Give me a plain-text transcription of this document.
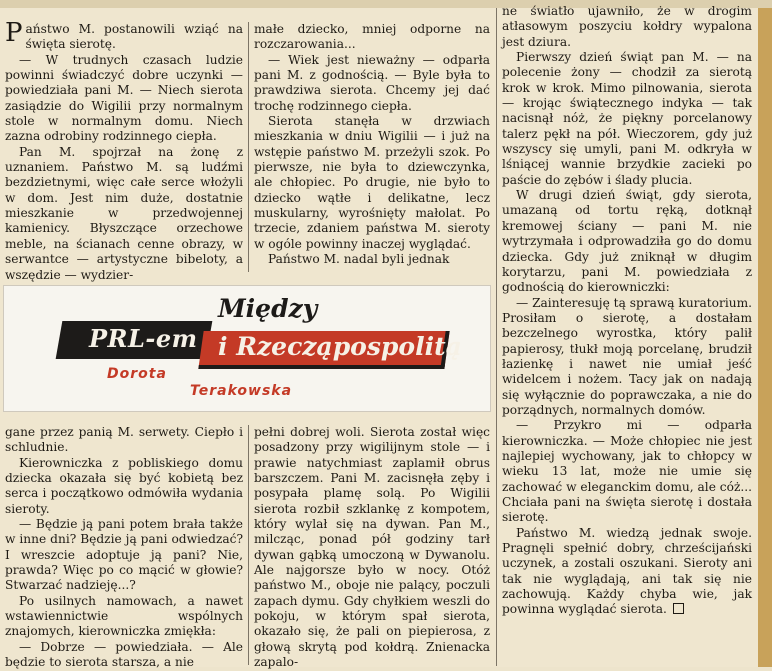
Państwo M. postanowili wziąć na święta sierotę.

— W trudnych czasach ludzie powinni świadczyć dobre uczynki — powiedziała pani M. — Niech sierota zasiądzie do Wigilii przy normalnym stole w normalnym domu. Niech zazna odrobiny rodzinnego ciepła.

Pan M. spojrzał na żonę z uznaniem. Państwo M. są ludźmi bezdzietnymi, więc całe serce włożyli w dom. Jest nim duże, dostatnie mieszkanie w przedwojennej kamienicy. Błyszczące orzechowe meble, na ścianach cenne obrazy, w serwantce — artystyczne bibeloty, a wszędzie — wydzier-

małe dziecko, mniej odporne na rozczarowania...

— Wiek jest nieważny — odparła pani M. z godnością. — Byle była to prawdziwa sierota. Chcemy jej dać trochę rodzinnego ciepła.

Sierota stanęła w drzwiach mieszkania w dniu Wigilii — i już na wstępie państwo M. przeżyli szok. Po pierwsze, nie była to dziewczynka, ale chłopiec. Po drugie, nie było to dziecko wątłe i delikatne, lecz muskularny, wyrośnięty małolat. Po trzecie, zdaniem państwa M. sieroty w ogóle powinny inaczej wyglądać.

Państwo M. nadal byli jednak

ne światło ujawniło, że w drogim atłasowym poszyciu kołdry wypalona jest dziura.

Pierwszy dzień świąt pan M. — na polecenie żony — chodził za sierotą krok w krok. Mimo pilnowania, sierota — krojąc świątecznego indyka — tak nacisnął nóż, że piękny porcelanowy talerz pękł na pół. Wieczorem, gdy już wszyscy się umyli, pani M. odkryła w lśniącej wannie brzydkie zacieki po paście do zębów i ślady plucia.

W drugi dzień świąt, gdy sierota, umazaną od tortu ręką, dotknął kremowej ściany — pani M. nie wytrzymała i odprowadziła go do domu dziecka. Gdy już zniknął w długim korytarzu, pani M. powiedziała z godnością do kierowniczki:

— Zainteresuję tą sprawą kuratorium. Prosiłam o sierotę, a dostałam bezczelnego wyrostka, który palił papierosy, tłukł moją porcelanę, brudził łazienkę i nawet nie umiał jeść widelcem i nożem. Tacy jak on nadają się wyłącznie do poprawczaka, a nie do porządnych, normalnych domów.

— Przykro mi — odparła kierowniczka. — Może chłopiec nie jest najlepiej wychowany, jak to chłopcy w wieku 13 lat, może nie umie się zachować w eleganckim domu, ale cóż... Chciała pani na święta sierotę i dostała sierotę.

Państwo M. wiedzą jednak swoje. Pragnęli spełnić dobry, chrześcijański uczynek, a zostali oszukani. Sieroty ani tak nie wyglądają, ani tak się nie zachowują. Każdy chyba wie, jak powinna wyglądać sierota.

PRL-em
Między
i Rzecząpospolitą
Dorota
Terakowska

gane przez panią M. serwety. Ciepło i schludnie.

Kierowniczka z pobliskiego domu dziecka okazała się być kobietą bez serca i początkowo odmówiła wydania sieroty.

— Będzie ją pani potem brała także w inne dni? Będzie ją pani odwiedzać? I wreszcie adoptuje ją pani? Nie, prawda? Więc po co mącić w głowie? Stwarzać nadzieję...?

Po usilnych namowach, a nawet wstawiennictwie wspólnych znajomych, kierowniczka zmiękła:

— Dobrze — powiedziała. — Ale będzie to sierota starsza, a nie

pełni dobrej woli. Sierota został więc posadzony przy wigilijnym stole — i prawie natychmiast zaplamił obrus barszczem. Pani M. zacisnęła zęby i posypała plamę solą. Po Wigilii sierota rozbił szklankę z kompotem, który wylał się na dywan. Pan M., milcząc, ponad pół godziny tarł dywan gąbką umoczoną w Dywanolu. Ale najgorsze było w nocy. Otóż państwo M., oboje nie palący, poczuli zapach dymu. Gdy chyłkiem weszli do pokoju, w którym spał sierota, okazało się, że pali on piepierosa, z głową skrytą pod kołdrą. Znienacka zapalo-
